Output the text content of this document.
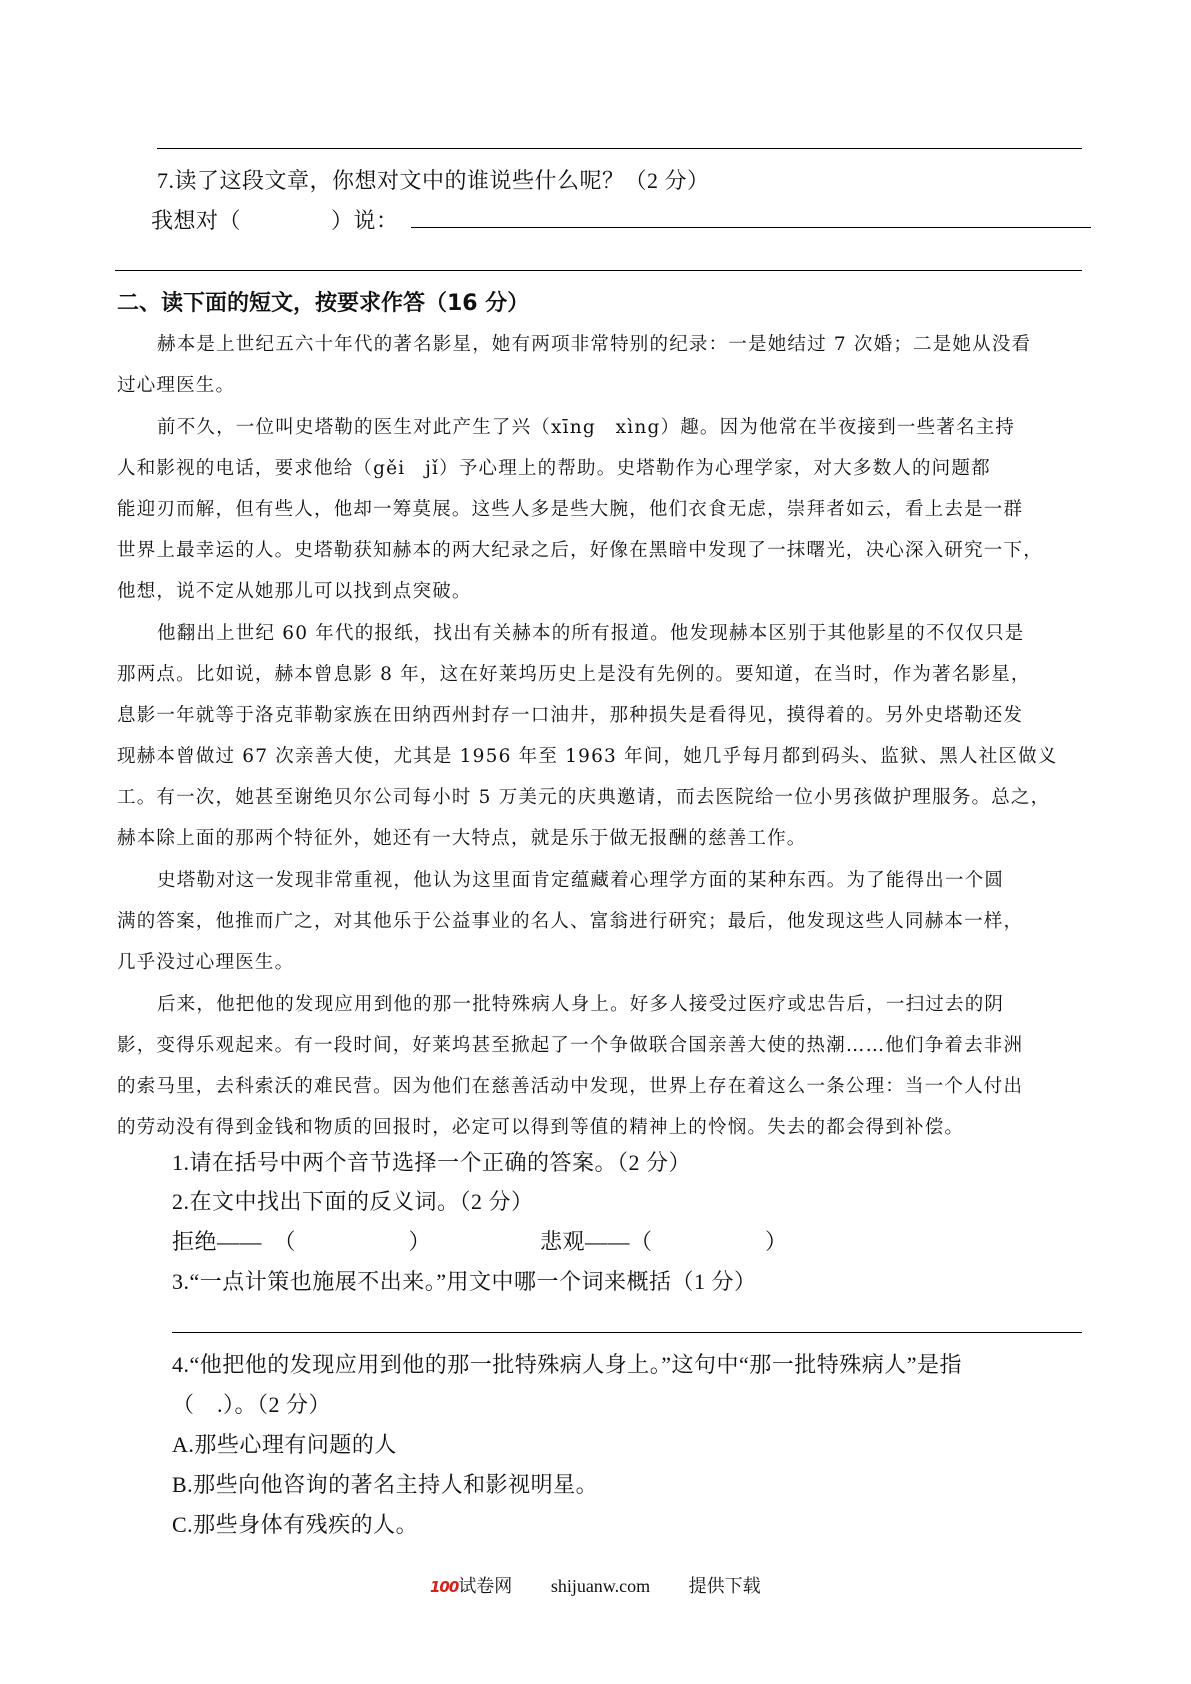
7.读了这段文章，你想对文中的谁说些什么呢？（2 分）
我想对（　　　　）说：
二、读下面的短文，按要求作答（16 分）
赫本是上世纪五六十年代的著名影星，她有两项非常特别的纪录：一是她结过 7 次婚；二是她从没看
过心理医生。
前不久，一位叫史塔勒的医生对此产生了兴（xīng　xìng）趣。因为他常在半夜接到一些著名主持
人和影视的电话，要求他给（gěi　jǐ）予心理上的帮助。史塔勒作为心理学家，对大多数人的问题都
能迎刃而解，但有些人，他却一筹莫展。这些人多是些大腕，他们衣食无虑，崇拜者如云，看上去是一群
世界上最幸运的人。史塔勒获知赫本的两大纪录之后，好像在黑暗中发现了一抹曙光，决心深入研究一下，
他想，说不定从她那儿可以找到点突破。
他翻出上世纪 60 年代的报纸，找出有关赫本的所有报道。他发现赫本区别于其他影星的不仅仅只是
那两点。比如说，赫本曾息影 8 年，这在好莱坞历史上是没有先例的。要知道，在当时，作为著名影星，
息影一年就等于洛克菲勒家族在田纳西州封存一口油井，那种损失是看得见，摸得着的。另外史塔勒还发
现赫本曾做过 67 次亲善大使，尤其是 1956 年至 1963 年间，她几乎每月都到码头、监狱、黑人社区做义
工。有一次，她甚至谢绝贝尔公司每小时 5 万美元的庆典邀请，而去医院给一位小男孩做护理服务。总之，
赫本除上面的那两个特征外，她还有一大特点，就是乐于做无报酬的慈善工作。
史塔勒对这一发现非常重视，他认为这里面肯定蕴藏着心理学方面的某种东西。为了能得出一个圆
满的答案，他推而广之，对其他乐于公益事业的名人、富翁进行研究；最后，他发现这些人同赫本一样，
几乎没过心理医生。
后来，他把他的发现应用到他的那一批特殊病人身上。好多人接受过医疗或忠告后，一扫过去的阴
影，变得乐观起来。有一段时间，好莱坞甚至掀起了一个争做联合国亲善大使的热潮……他们争着去非洲
的索马里，去科索沃的难民营。因为他们在慈善活动中发现，世界上存在着这么一条公理：当一个人付出
的劳动没有得到金钱和物质的回报时，必定可以得到等值的精神上的怜悯。失去的都会得到补偿。
1.请在括号中两个音节选择一个正确的答案。（2 分）
2.在文中找出下面的反义词。（2 分）
拒绝——　（　　　　　）	悲观——（　　　　　）
3.“一点计策也施展不出来。”用文中哪一个词来概括（1 分）
4.“他把他的发现应用到他的那一批特殊病人身上。”这句中“那一批特殊病人”是指
（　.）。（2 分）
A.那些心理有问题的人
B.那些向他咨询的著名主持人和影视明星。
C.那些身体有残疾的人。
100试卷网 shijuanw.com 提供下载
